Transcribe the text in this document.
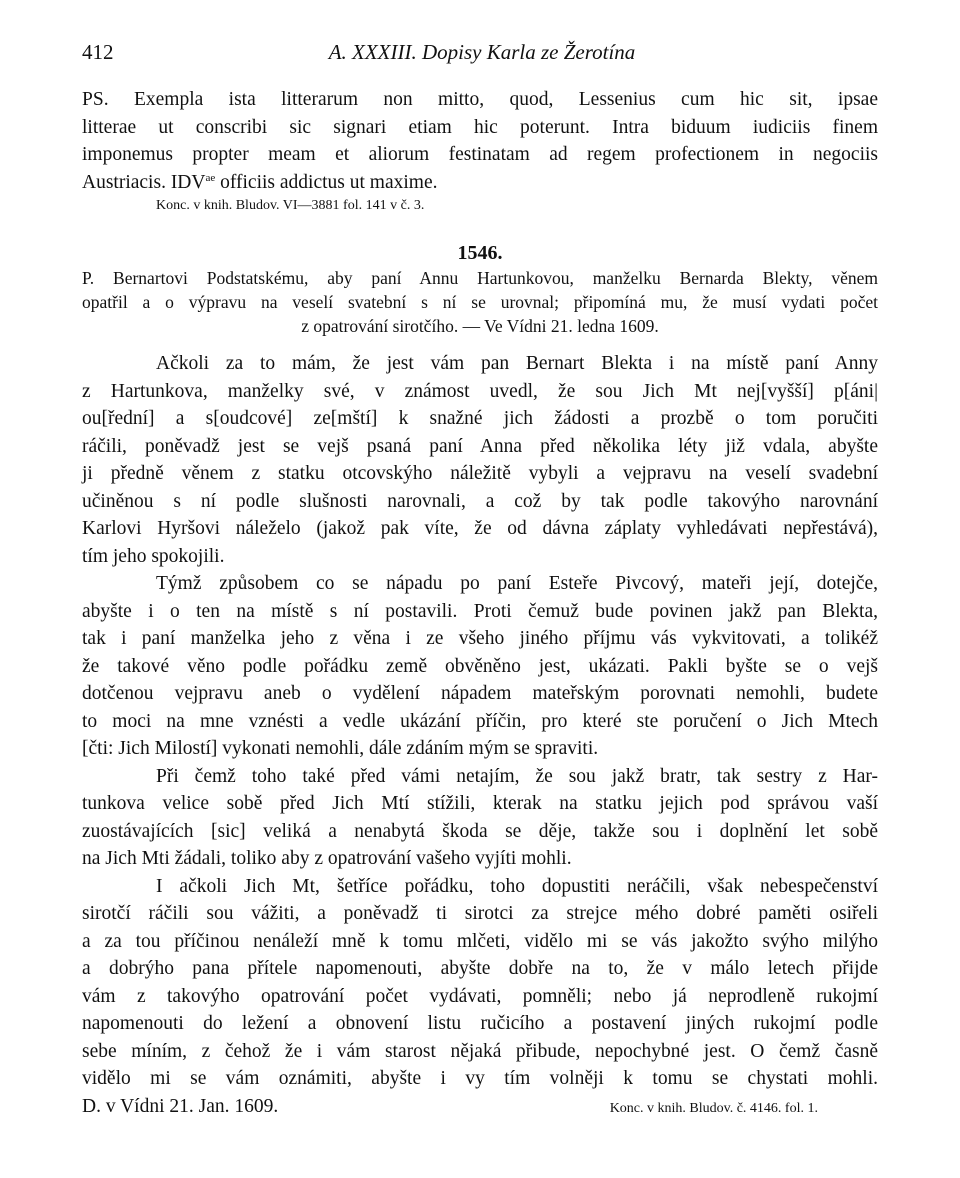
412	A. XXXIII. Dopisy Karla ze Žerotína
PS. Exempla ista litterarum non mitto, quod, Lessenius cum hic sit, ipsae
litterae ut conscribi sic signari etiam hic poterunt. Intra biduum iudiciis finem
imponemus propter meam et aliorum festinatam ad regem profectionem in negociis
Austriacis. $IDV^{ae}$ officiis addictus ut maxime.
Konc. v knih. Bludov. VI—3881 fol. 141 v č. 3.
1546.
P. Bernartovi Podstatskému, aby paní Annu Hartunkovou, manželku Bernarda Blekty, věnem
opatřil a o výpravu na veselí svatební s ní se urovnal; připomíná mu, že musí vydati počet
z opatrování sirotčího. — Ve Vídni 21. ledna 1609.
Ačkoli za to mám, že jest vám pan Bernart Blekta i na místě paní Anny
z Hartunkova, manželky své, v známost uvedl, že sou Jich Mt nej[vyšší] p[áni|
ou[řední] a s[oudcové] ze[mští] k snažné jich žádosti a prozbě o tom poručiti
ráčili, poněvadž jest se vejš psaná paní Anna před několika léty již vdala, abyšte
ji předně věnem z statku otcovskýho náležitě vybyli a vejpravu na veselí svadební
učiněnou s ní podle slušnosti narovnali, a což by tak podle takovýho narovnání
Karlovi Hyršovi náleželo (jakož pak víte, že od dávna záplaty vyhledávati nepřestává),
tím jeho spokojili.
Týmž způsobem co se nápadu po paní Esteře Pivcový, mateři její, dotejče,
abyšte i o ten na místě s ní postavili. Proti čemuž bude povinen jakž pan Blekta,
tak i paní manželka jeho z věna i ze všeho jiného příjmu vás vykvitovati, a tolikéž
že takové věno podle pořádku země obvěněno jest, ukázati. Pakli byšte se o vejš
dotčenou vejpravu aneb o vydělení nápadem mateřským porovnati nemohli, budete
to moci na mne vznésti a vedle ukázání příčin, pro které ste poručení o Jich Mtech
[čti: Jich Milostí] vykonati nemohli, dále zdáním mým se spraviti.
Při čemž toho také před vámi netajím, že sou jakž bratr, tak sestry z Har-
tunkova velice sobě před Jich Mtí stížili, kterak na statku jejich pod správou vaší
zuostávajících [sic] veliká a nenabytá škoda se děje, takže sou i doplnění let sobě
na Jich Mti žádali, toliko aby z opatrování vašeho vyjíti mohli.
I ačkoli Jich Mt, šetříce pořádku, toho dopustiti neráčili, však nebespečenství
sirotčí ráčili sou vážiti, a poněvadž ti sirotci za strejce mého dobré paměti osiřeli
a za tou příčinou nenáleží mně k tomu mlčeti, vidělo mi se vás jakožto svýho milýho
a dobrýho pana přítele napomenouti, abyšte dobře na to, že v málo letech přijde
vám z takovýho opatrování počet vydávati, pomněli; nebo já neprodleně rukojmí
napomenouti do ležení a obnovení listu ručicího a postavení jiných rukojmí podle
sebe míním, z čehož že i vám starost nějaká přibude, nepochybné jest. O čemž časně
vidělo mi se vám oznámiti, abyšte i vy tím volněji k tomu se chystati mohli.
D. v Vídni 21. Jan. 1609.	Konc. v knih. Bludov. č. 4146. fol. 1.
